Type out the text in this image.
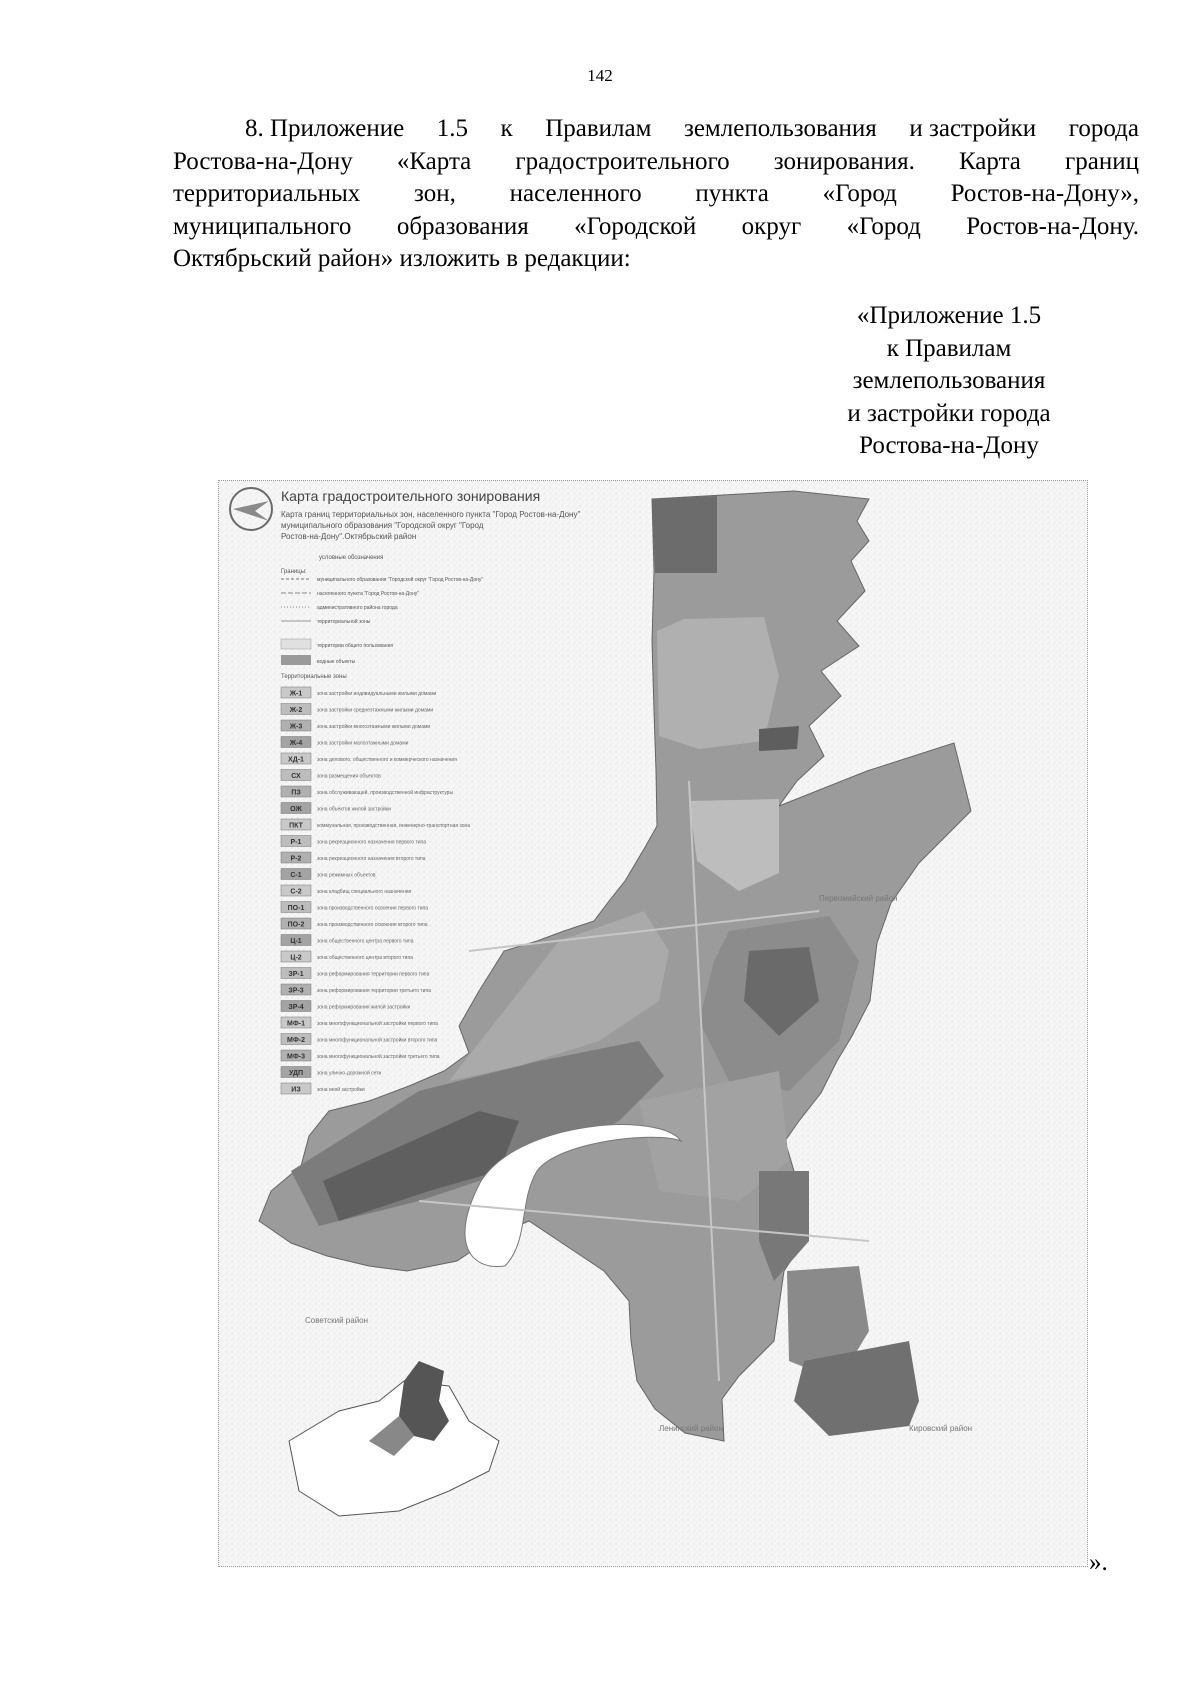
142
8. Приложение 1.5 к Правилам землепользования и застройки города
Ростова-на-Дону «Карта градостроительного зонирования. Карта границ
территориальных зон, населенного пункта «Город Ростов-на-Дону»,
муниципального образования «Городской округ «Город Ростов-на-Дону.
Октябрьский район» изложить в редакции:
«Приложение 1.5
к Правилам
землепользования
и застройки города
Ростова-на-Дону
Карта градостроительного зонирования
Карта границ территориальных зон, населенного пункта "Город Ростов-на-Дону"
муниципального образования "Городской округ "Город
Ростов-на-Дону".Октябрьский район
условные обозначения
Границы:
муниципального образования "Городской округ "Город Ростов-на-Дону"
населенного пункта "Город Ростов-на-Дону"
административного района города
территориальной зоны
территории общего пользования
водные объекты
Территориальные зоны
Ж-1	зона застройки индивидуальными жилыми домами
Ж-2	зона застройки среднеэтажными жилыми домами
Ж-3	зона застройки многоэтажными жилыми домами
Ж-4	зона застройки малоэтажными домами
ХД-1	зона делового, общественного и коммерческого назначения
СХ	зона размещения объектов
ПЗ	зона обслуживающей, производственной инфраструктуры
ОЖ	зона объектов жилой застройки
ПКТ	коммунальная, производственная, инженерно-транспортная зона
Р-1	зона рекреационного назначения первого типа
Р-2	зона рекреационного назначения второго типа
С-1	зона режимных объектов
С-2	зона кладбищ специального назначения
ПО-1	зона производственного освоения первого типа
ПО-2	зона производственного освоения второго типа
Ц-1	зона общественного центра первого типа
Ц-2	зона общественного центра второго типа
ЗР-1	зона реформирования территории первого типа
ЗР-3	зона реформирования территории третьего типа
ЗР-4	зона реформирования жилой застройки
МФ-1 зона многофункциональной застройки первого типа
МФ-2 зона многофункциональной застройки второго типа
МФ-3 зона многофункциональной застройки третьего типа
УДП	зона улично-дорожной сети
ИЗ	зона иной застройки
Первомайский район
Советский район
Ленинский район	Кировский район
».
